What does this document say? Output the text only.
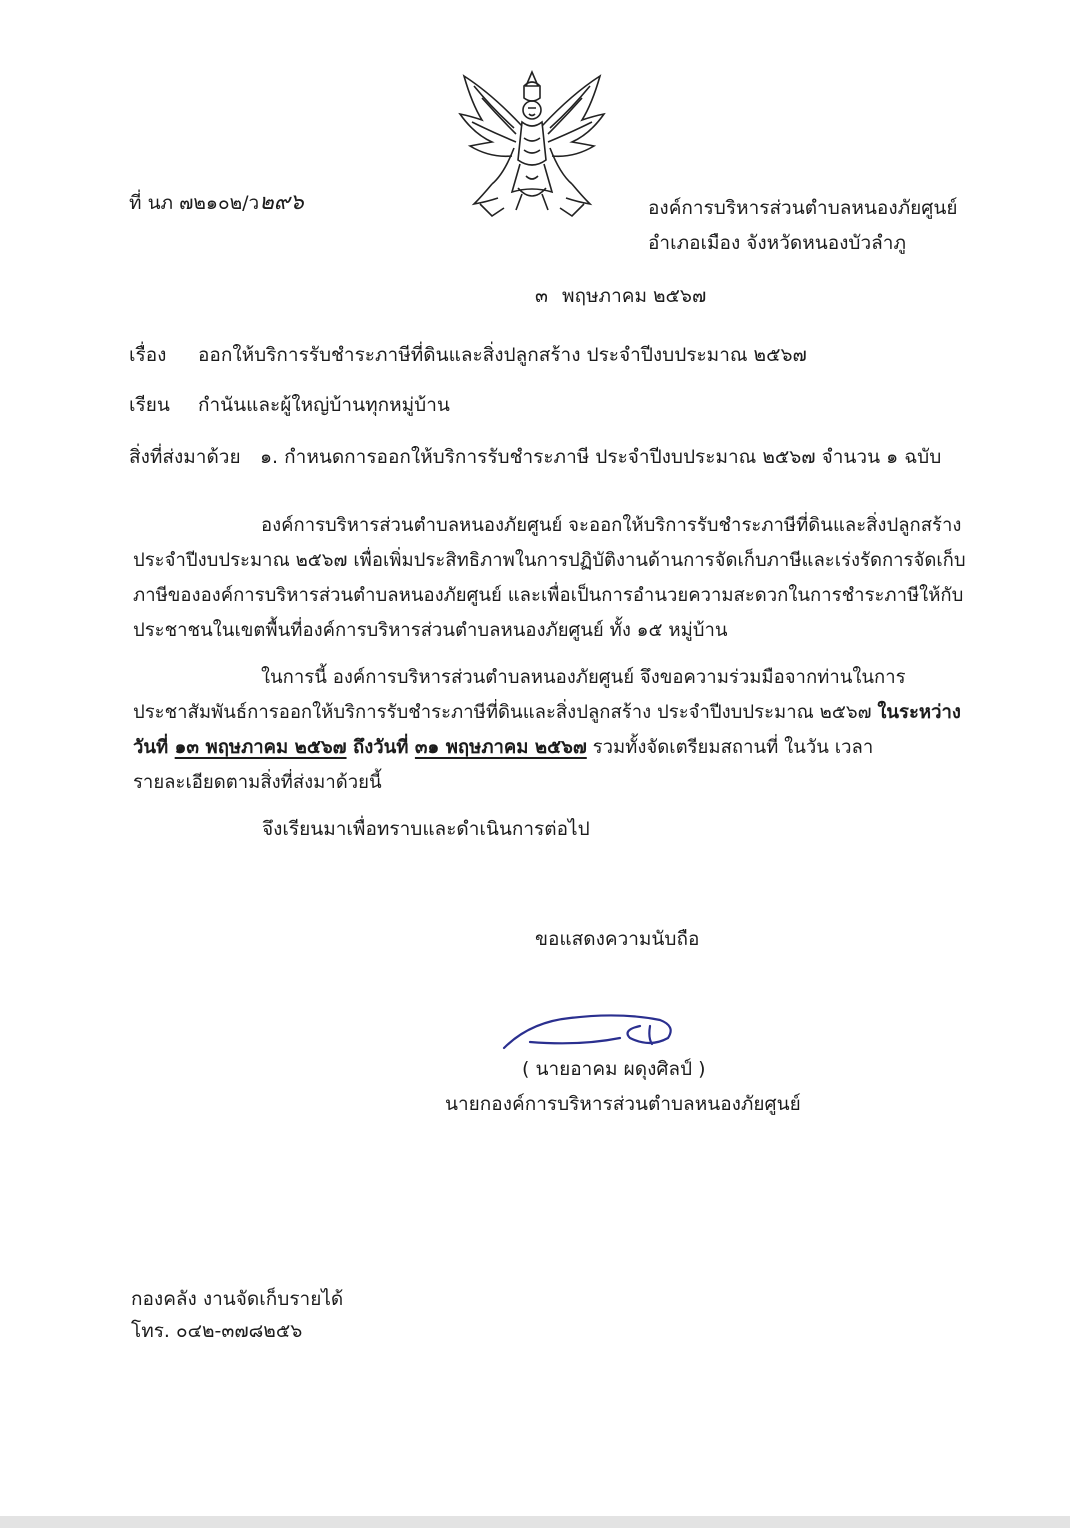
ที่ นภ ๗๒๑๐๒/ว๒๙๖	องค์การบริหารส่วนตำบลหนองภัยศูนย์
อำเภอเมือง จังหวัดหนองบัวลำภู
๓ พฤษภาคม ๒๕๖๗
เรื่อง ออกให้บริการรับชำระภาษีที่ดินและสิ่งปลูกสร้าง ประจำปีงบประมาณ ๒๕๖๗
เรียน กำนันและผู้ใหญ่บ้านทุกหมู่บ้าน
สิ่งที่ส่งมาด้วย ๑. กำหนดการออกให้บริการรับชำระภาษี ประจำปีงบประมาณ ๒๕๖๗ จำนวน ๑ ฉบับ
องค์การบริหารส่วนตำบลหนองภัยศูนย์ จะออกให้บริการรับชำระภาษีที่ดินและสิ่งปลูกสร้าง
ประจำปีงบประมาณ ๒๕๖๗ เพื่อเพิ่มประสิทธิภาพในการปฏิบัติงานด้านการจัดเก็บภาษีและเร่งรัดการจัดเก็บ
ภาษีขององค์การบริหารส่วนตำบลหนองภัยศูนย์ และเพื่อเป็นการอำนวยความสะดวกในการชำระภาษีให้กับ
ประชาชนในเขตพื้นที่องค์การบริหารส่วนตำบลหนองภัยศูนย์ ทั้ง ๑๕ หมู่บ้าน
ในการนี้ องค์การบริหารส่วนตำบลหนองภัยศูนย์ จึงขอความร่วมมือจากท่านในการ
ประชาสัมพันธ์การออกให้บริการรับชำระภาษีที่ดินและสิ่งปลูกสร้าง ประจำปีงบประมาณ ๒๕๖๗ ในระหว่าง
วันที่ ๑๓ พฤษภาคม ๒๕๖๗ ถึงวันที่ ๓๑ พฤษภาคม ๒๕๖๗ รวมทั้งจัดเตรียมสถานที่ ในวัน เวลา
รายละเอียดตามสิ่งที่ส่งมาด้วยนี้
จึงเรียนมาเพื่อทราบและดำเนินการต่อไป
ขอแสดงความนับถือ
( นายอาคม ผดุงศิลป์ )
นายกองค์การบริหารส่วนตำบลหนองภัยศูนย์
กองคลัง งานจัดเก็บรายได้
โทร. ๐๔๒-๓๗๘๒๕๖
